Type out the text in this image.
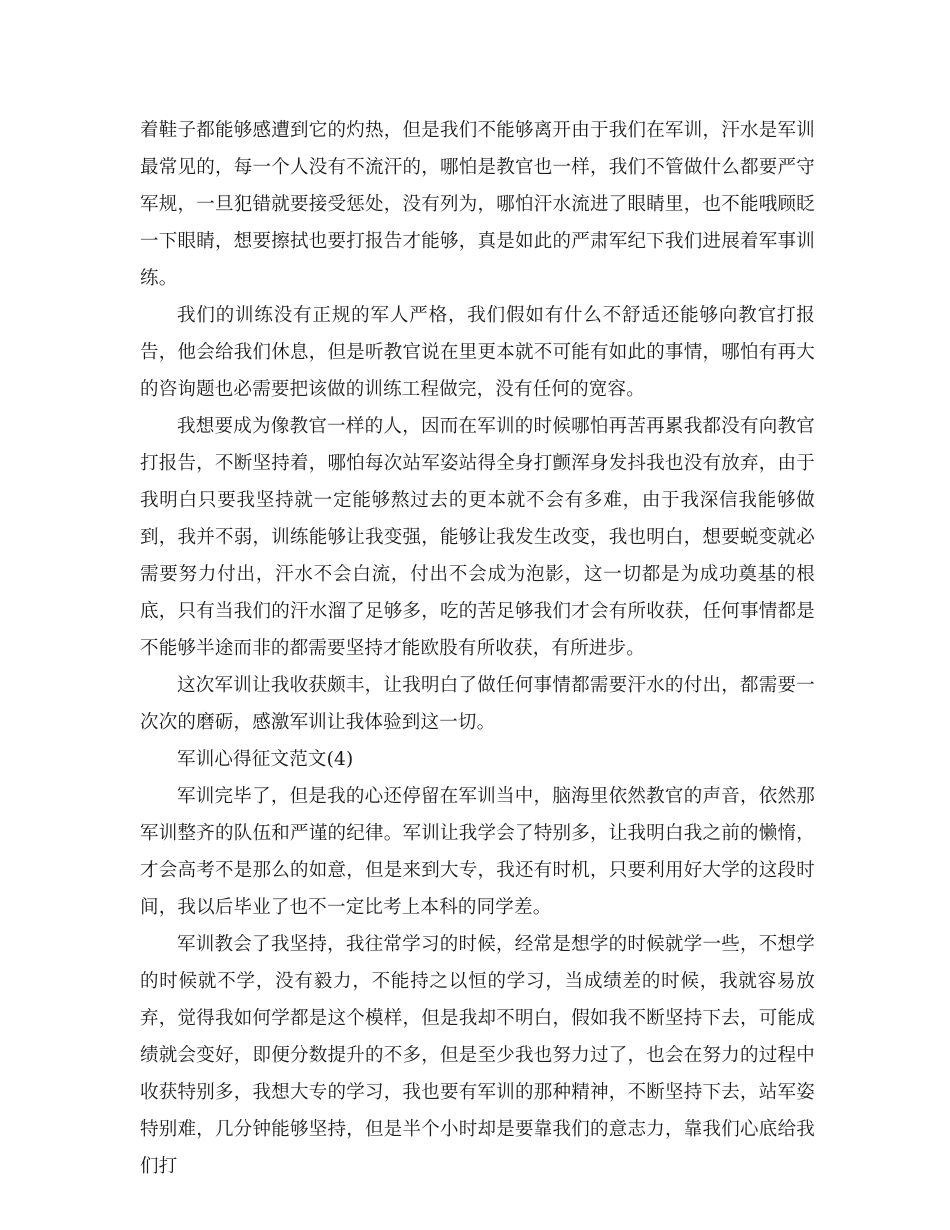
着鞋子都能够感遭到它的灼热，但是我们不能够离开由于我们在军训，汗水是军训最常见的，每一个人没有不流汗的，哪怕是教官也一样，我们不管做什么都要严守军规，一旦犯错就要接受惩处，没有列为，哪怕汗水流进了眼睛里，也不能哦顾眨一下眼睛，想要擦拭也要打报告才能够，真是如此的严肃军纪下我们进展着军事训练。

我们的训练没有正规的军人严格，我们假如有什么不舒适还能够向教官打报告，他会给我们休息，但是听教官说在里更本就不可能有如此的事情，哪怕有再大的咨询题也必需要把该做的训练工程做完，没有任何的宽容。

我想要成为像教官一样的人，因而在军训的时候哪怕再苦再累我都没有向教官打报告，不断坚持着，哪怕每次站军姿站得全身打颤浑身发抖我也没有放弃，由于我明白只要我坚持就一定能够熬过去的更本就不会有多难，由于我深信我能够做到，我并不弱，训练能够让我变强，能够让我发生改变，我也明白，想要蜕变就必需要努力付出，汗水不会白流，付出不会成为泡影，这一切都是为成功奠基的根底，只有当我们的汗水溜了足够多，吃的苦足够我们才会有所收获，任何事情都是不能够半途而非的都需要坚持才能欧股有所收获，有所进步。

这次军训让我收获颇丰，让我明白了做任何事情都需要汗水的付出，都需要一次次的磨砺，感激军训让我体验到这一切。

军训心得征文范文(4)

军训完毕了，但是我的心还停留在军训当中，脑海里依然教官的声音，依然那军训整齐的队伍和严谨的纪律。军训让我学会了特别多，让我明白我之前的懒惰，才会高考不是那么的如意，但是来到大专，我还有时机，只要利用好大学的这段时间，我以后毕业了也不一定比考上本科的同学差。

军训教会了我坚持，我往常学习的时候，经常是想学的时候就学一些，不想学的时候就不学，没有毅力，不能持之以恒的学习，当成绩差的时候，我就容易放弃，觉得我如何学都是这个模样，但是我却不明白，假如我不断坚持下去，可能成绩就会变好，即便分数提升的不多，但是至少我也努力过了，也会在努力的过程中收获特别多，我想大专的学习，我也要有军训的那种精神，不断坚持下去，站军姿特别难，几分钟能够坚持，但是半个小时却是要靠我们的意志力，靠我们心底给我们打
